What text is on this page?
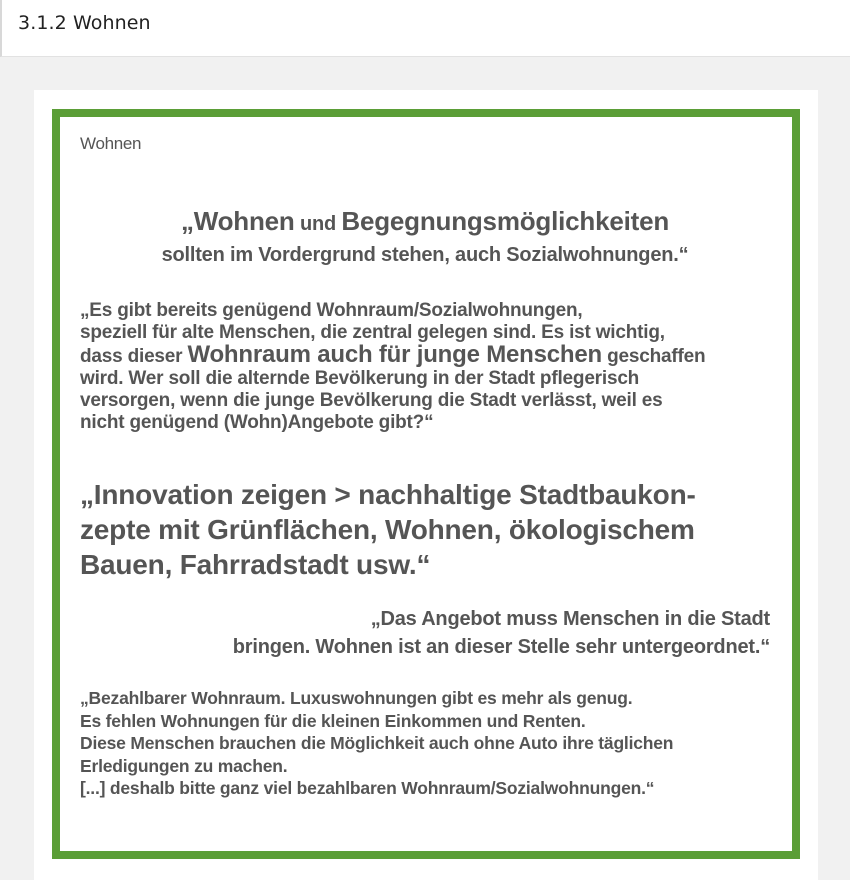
3.1.2 Wohnen
Wohnen
„Wohnen und Begegnungsmöglichkeiten
sollten im Vordergrund stehen, auch Sozialwohnungen.“
„Es gibt bereits genügend Wohnraum/Sozialwohnungen,
speziell für alte Menschen, die zentral gelegen sind. Es ist wichtig,
dass dieser Wohnraum auch für junge Menschen geschaffen
wird. Wer soll die alternde Bevölkerung in der Stadt pflegerisch
versorgen, wenn die junge Bevölkerung die Stadt verlässt, weil es
nicht genügend (Wohn)Angebote gibt?“
„Innovation zeigen > nachhaltige Stadtbaukon-
zepte mit Grünflächen, Wohnen, ökologischem
Bauen, Fahrradstadt usw.“
„Das Angebot muss Menschen in die Stadt
bringen. Wohnen ist an dieser Stelle sehr untergeordnet.“
„Bezahlbarer Wohnraum. Luxuswohnungen gibt es mehr als genug.
Es fehlen Wohnungen für die kleinen Einkommen und Renten.
Diese Menschen brauchen die Möglichkeit auch ohne Auto ihre täglichen
Erledigungen zu machen.
[...] deshalb bitte ganz viel bezahlbaren Wohnraum/Sozialwohnungen.“
